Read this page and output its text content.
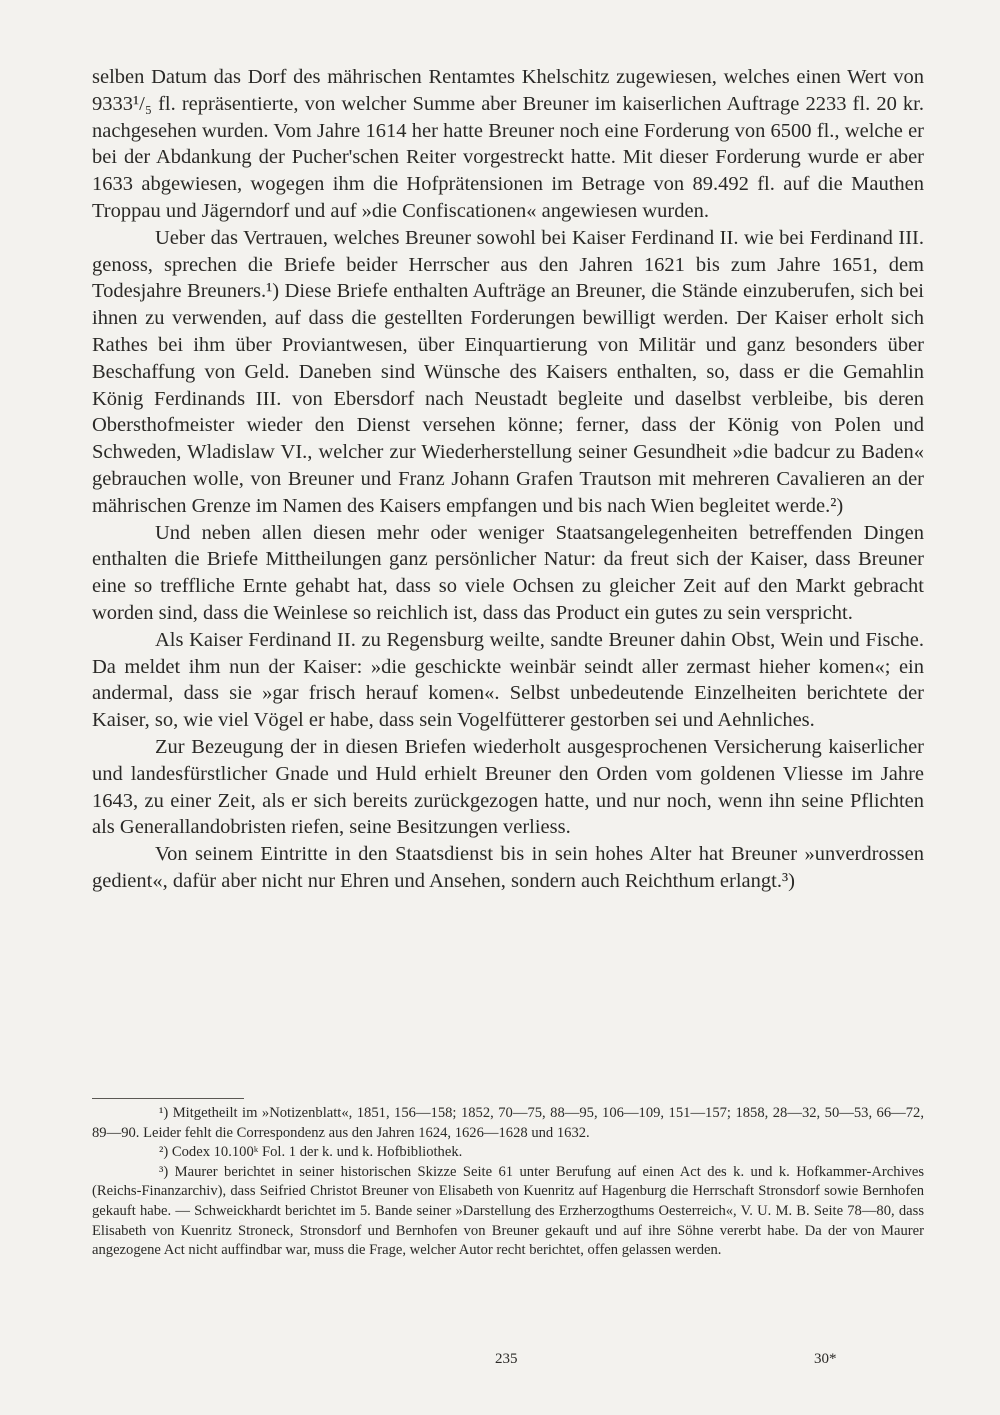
selben Datum das Dorf des mährischen Rentamtes Khelschitz zugewiesen, welches einen Wert von 9333¹/₅ fl. repräsentierte, von welcher Summe aber Breuner im kaiserlichen Auftrage 2233 fl. 20 kr. nachgesehen wurden. Vom Jahre 1614 her hatte Breuner noch eine Forderung von 6500 fl., welche er bei der Abdankung der Pucher'schen Reiter vorgestreckt hatte. Mit dieser Forderung wurde er aber 1633 abgewiesen, wogegen ihm die Hofprätensionen im Betrage von 89.492 fl. auf die Mauthen Troppau und Jägerndorf und auf »die Confiscationen« angewiesen wurden.

Ueber das Vertrauen, welches Breuner sowohl bei Kaiser Ferdinand II. wie bei Ferdinand III. genoss, sprechen die Briefe beider Herrscher aus den Jahren 1621 bis zum Jahre 1651, dem Todesjahre Breuners.¹) Diese Briefe enthalten Aufträge an Breuner, die Stände einzuberufen, sich bei ihnen zu verwenden, auf dass die gestellten Forderungen bewilligt werden. Der Kaiser erholt sich Rathes bei ihm über Proviantwesen, über Einquartierung von Militär und ganz besonders über Beschaffung von Geld. Daneben sind Wünsche des Kaisers enthalten, so, dass er die Gemahlin König Ferdinands III. von Ebersdorf nach Neustadt begleite und daselbst verbleibe, bis deren Obersthofmeister wieder den Dienst versehen könne; ferner, dass der König von Polen und Schweden, Wladislaw VI., welcher zur Wiederherstellung seiner Gesundheit »die badcur zu Baden« gebrauchen wolle, von Breuner und Franz Johann Grafen Trautson mit mehreren Cavalieren an der mährischen Grenze im Namen des Kaisers empfangen und bis nach Wien begleitet werde.²)

Und neben allen diesen mehr oder weniger Staatsangelegenheiten betreffenden Dingen enthalten die Briefe Mittheilungen ganz persönlicher Natur: da freut sich der Kaiser, dass Breuner eine so treffliche Ernte gehabt hat, dass so viele Ochsen zu gleicher Zeit auf den Markt gebracht worden sind, dass die Weinlese so reichlich ist, dass das Product ein gutes zu sein verspricht.

Als Kaiser Ferdinand II. zu Regensburg weilte, sandte Breuner dahin Obst, Wein und Fische. Da meldet ihm nun der Kaiser: »die geschickte weinbär seindt aller zermast hieher komen«; ein andermal, dass sie »gar frisch herauf komen«. Selbst unbedeutende Einzelheiten berichtete der Kaiser, so, wie viel Vögel er habe, dass sein Vogelfütterer gestorben sei und Aehnliches.

Zur Bezeugung der in diesen Briefen wiederholt ausgesprochenen Versicherung kaiserlicher und landesfürstlicher Gnade und Huld erhielt Breuner den Orden vom goldenen Vliesse im Jahre 1643, zu einer Zeit, als er sich bereits zurückgezogen hatte, und nur noch, wenn ihn seine Pflichten als Generallandobristen riefen, seine Besitzungen verliess.

Von seinem Eintritte in den Staatsdienst bis in sein hohes Alter hat Breuner »unverdrossen gedient«, dafür aber nicht nur Ehren und Ansehen, sondern auch Reichthum erlangt.³)

¹) Mitgetheilt im »Notizenblatt«, 1851, 156—158; 1852, 70—75, 88—95, 106—109, 151—157; 1858, 28—32, 50—53, 66—72, 89—90. Leider fehlt die Correspondenz aus den Jahren 1624, 1626—1628 und 1632.

²) Codex 10.100ᵏ Fol. 1 der k. und k. Hofbibliothek.

³) Maurer berichtet in seiner historischen Skizze Seite 61 unter Berufung auf einen Act des k. und k. Hofkammer-Archives (Reichs-Finanzarchiv), dass Seifried Christot Breuner von Elisabeth von Kuenritz auf Hagenburg die Herrschaft Stronsdorf sowie Bernhofen gekauft habe. — Schweickhardt berichtet im 5. Bande seiner »Darstellung des Erzherzogthums Oesterreich«, V. U. M. B. Seite 78—80, dass Elisabeth von Kuenritz Stroneck, Stronsdorf und Bernhofen von Breuner gekauft und auf ihre Söhne vererbt habe. Da der von Maurer angezogene Act nicht auffindbar war, muss die Frage, welcher Autor recht berichtet, offen gelassen werden.

235	30*
